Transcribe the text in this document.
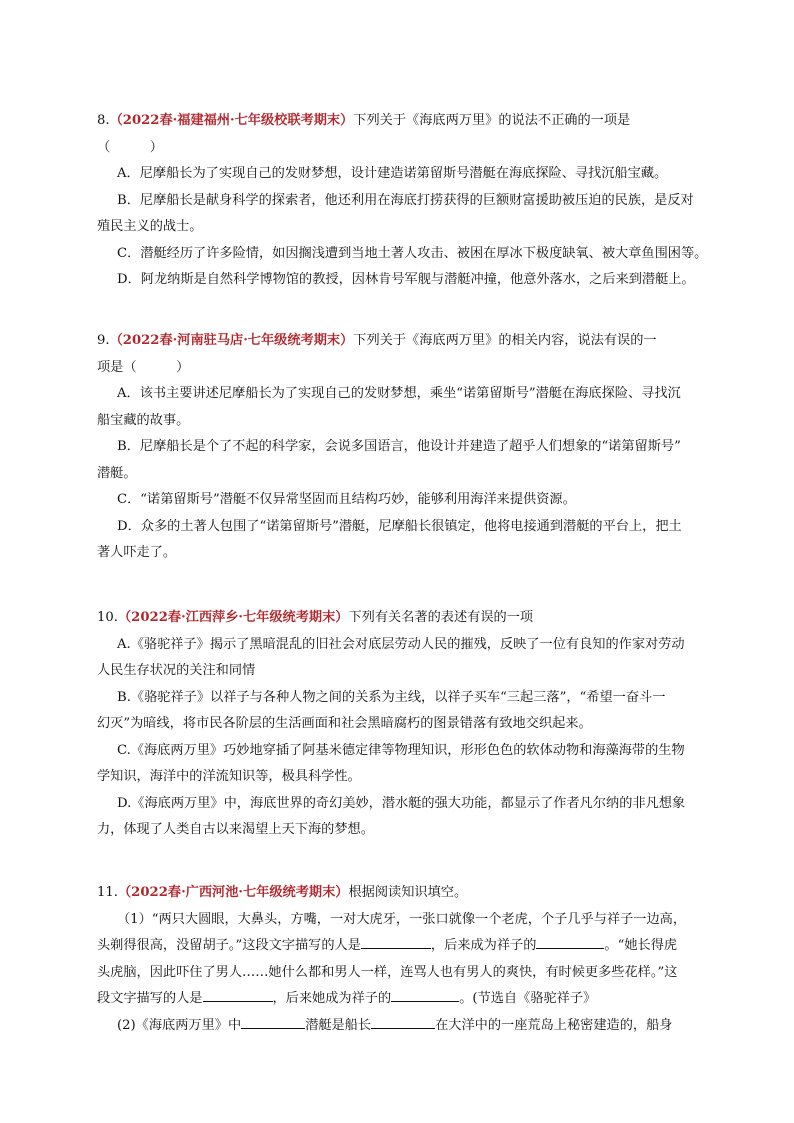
8.（2022春·福建福州·七年级校联考期末）下列关于《海底两万里》的说法不正确的一项是
（　　　）
A．尼摩船长为了实现自己的发财梦想，设计建造诺第留斯号潜艇在海底探险、寻找沉船宝藏。
B．尼摩船长是献身科学的探索者，他还利用在海底打捞获得的巨额财富援助被压迫的民族，是反对
殖民主义的战士。
C．潜艇经历了许多险情，如因搁浅遭到当地土著人攻击、被困在厚冰下极度缺氧、被大章鱼围困等。
D．阿龙纳斯是自然科学博物馆的教授，因林肯号军舰与潜艇冲撞，他意外落水，之后来到潜艇上。
9.（2022春·河南驻马店·七年级统考期末）下列关于《海底两万里》的相关内容，说法有误的一
项是（　　　）
A．该书主要讲述尼摩船长为了实现自己的发财梦想，乘坐“诺第留斯号”潜艇在海底探险、寻找沉
船宝藏的故事。
B．尼摩船长是个了不起的科学家，会说多国语言，他设计并建造了超乎人们想象的“诺第留斯号”
潜艇。
C．“诺第留斯号”潜艇不仅异常坚固而且结构巧妙，能够利用海洋来提供资源。
D．众多的土著人包围了“诺第留斯号”潜艇，尼摩船长很镇定，他将电接通到潜艇的平台上，把土
著人吓走了。
10.（2022春·江西萍乡·七年级统考期末）下列有关名著的表述有误的一项
A.《骆驼祥子》揭示了黑暗混乱的旧社会对底层劳动人民的摧残，反映了一位有良知的作家对劳动
人民生存状况的关注和同情
B.《骆驼祥子》以祥子与各种人物之间的关系为主线，以祥子买车“三起三落”，“希望一奋斗一
幻灭”为暗线，将市民各阶层的生活画面和社会黑暗腐朽的图景错落有致地交织起来。
C.《海底两万里》巧妙地穿插了阿基米德定律等物理知识，形形色色的软体动物和海藻海带的生物
学知识，海洋中的洋流知识等，极具科学性。
D.《海底两万里》中，海底世界的奇幻美妙，潜水艇的强大功能，都显示了作者凡尔纳的非凡想象
力，体现了人类自古以来渴望上天下海的梦想。
11.（2022春·广西河池·七年级统考期末）根据阅读知识填空。
（1）“两只大圆眼，大鼻头，方嘴，一对大虎牙，一张口就像一个老虎，个子几乎与祥子一边高，
头剃得很高，没留胡子。”这段文字描写的人是	，后来成为祥子的	。“她长得虎
头虎脑，因此吓住了男人……她什么都和男人一样，连骂人也有男人的爽快，有时候更多些花样。”这
段文字描写的人是	，后来她成为祥子的	。(节选自《骆驼祥子》
(2)《海底两万里》中	潜艇是船长	在大洋中的一座荒岛上秘密建造的，船身
